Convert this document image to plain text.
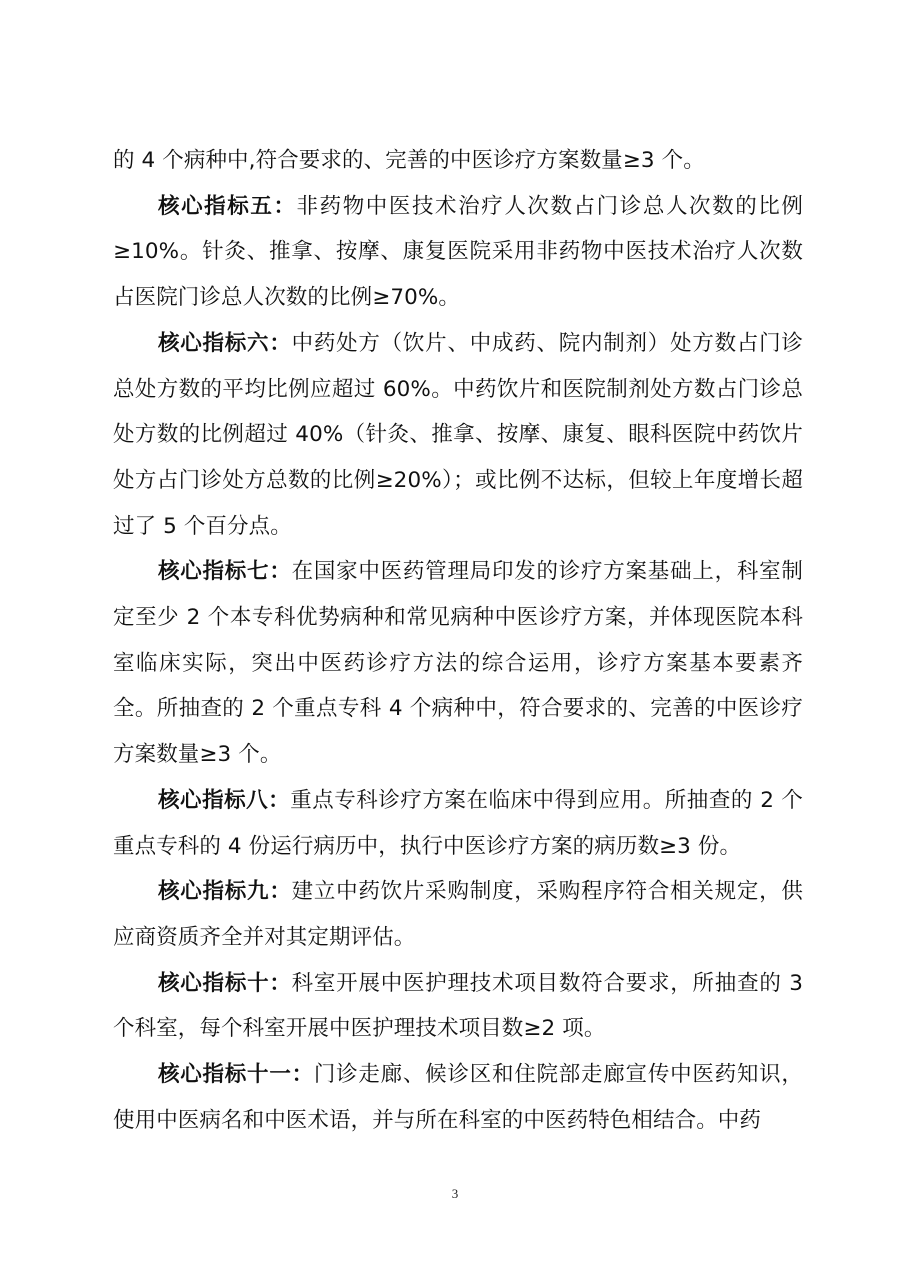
的 4 个病种中,符合要求的、完善的中医诊疗方案数量≥3 个。

核心指标五：非药物中医技术治疗人次数占门诊总人次数的比例≥10%。针灸、推拿、按摩、康复医院采用非药物中医技术治疗人次数占医院门诊总人次数的比例≥70%。

核心指标六：中药处方（饮片、中成药、院内制剂）处方数占门诊总处方数的平均比例应超过 60%。中药饮片和医院制剂处方数占门诊总处方数的比例超过 40%（针灸、推拿、按摩、康复、眼科医院中药饮片处方占门诊处方总数的比例≥20%）；或比例不达标，但较上年度增长超过了 5 个百分点。

核心指标七：在国家中医药管理局印发的诊疗方案基础上，科室制定至少 2 个本专科优势病种和常见病种中医诊疗方案，并体现医院本科室临床实际，突出中医药诊疗方法的综合运用，诊疗方案基本要素齐全。所抽查的 2 个重点专科 4 个病种中，符合要求的、完善的中医诊疗方案数量≥3 个。

核心指标八：重点专科诊疗方案在临床中得到应用。所抽查的 2 个重点专科的 4 份运行病历中，执行中医诊疗方案的病历数≥3 份。

核心指标九：建立中药饮片采购制度，采购程序符合相关规定，供应商资质齐全并对其定期评估。

核心指标十：科室开展中医护理技术项目数符合要求，所抽查的 3 个科室，每个科室开展中医护理技术项目数≥2 项。

核心指标十一：门诊走廊、候诊区和住院部走廊宣传中医药知识，使用中医病名和中医术语，并与所在科室的中医药特色相结合。中药

3
